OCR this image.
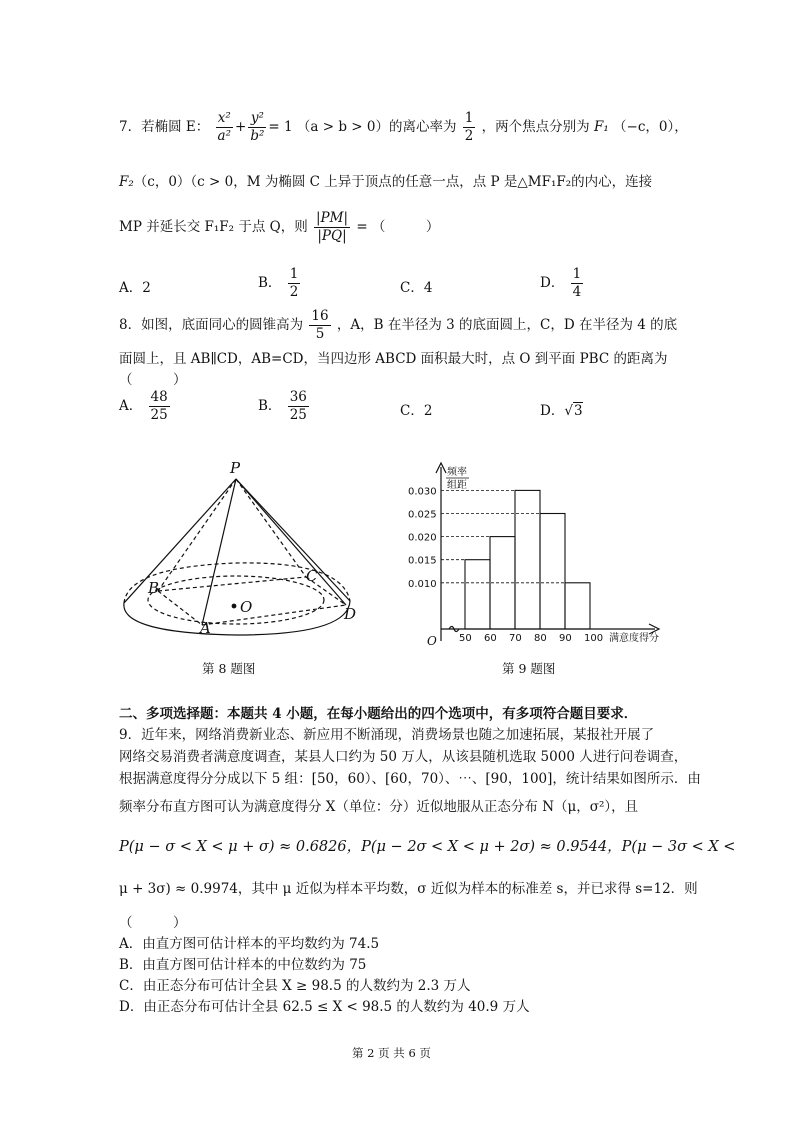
7．若椭圆 E： $\frac{\text{x²}}{\text{a²}} + \frac{\text{y²}}{\text{b²}} = 1$ （a > b > 0）的离心率为 $\frac{1}{2}$ ，两个焦点分别为 F₁ （−c，0），
F₂（c，0）（c > 0，M 为椭圆 C 上异于顶点的任意一点，点 P 是△MF₁F₂的内心，连接
MP 并延长交 F₁F₂ 于点 Q，则 $\frac{|PM|}{|PQ|}$ = （　　　）
A．2	B． $\frac{1}{2}$	C．4	D． $\frac{1}{4}$
8．如图，底面同心的圆锥高为 $\frac{16}{5}$ ，A，B 在半径为 3 的底面圆上，C，D 在半径为 4 的底
面圆上，且 AB∥CD，AB=CD，当四边形 ABCD 面积最大时，点 O 到平面 PBC 的距离为
（　　　）
A． $\frac{48}{25}$	B． $\frac{36}{25}$	C．2	D．√3
P
B
C
A
D
O
第 8 题图
0.030
0.025
0.020
0.015
0.010
50 60 70 80 90 100
O
频率
组距
满意度得分
第 9 题图
二、多项选择题：本题共 4 小题，在每小题给出的四个选项中，有多项符合题目要求．
9．近年来，网络消费新业态、新应用不断涌现，消费场景也随之加速拓展，某报社开展了
网络交易消费者满意度调查，某县人口约为 50 万人，从该县随机选取 5000 人进行问卷调查，
根据满意度得分分成以下 5 组：[50，60）、[60，70）、⋯、[90，100]，统计结果如图所示．由
频率分布直方图可认为满意度得分 X（单位：分）近似地服从正态分布 N（μ，σ²），且
P(μ − σ < X < μ + σ) ≈ 0.6826，P(μ − 2σ < X < μ + 2σ) ≈ 0.9544，P(μ − 3σ < X <
μ + 3σ) ≈ 0.9974，其中 μ 近似为样本平均数，σ 近似为样本的标准差 s，并已求得 s=12．则
（　　　）
A．由直方图可估计样本的平均数约为 74.5
B．由直方图可估计样本的中位数约为 75
C．由正态分布可估计全县 X ≥ 98.5 的人数约为 2.3 万人
D．由正态分布可估计全县 62.5 ≤ X < 98.5 的人数约为 40.9 万人
第 2 页 共 6 页
